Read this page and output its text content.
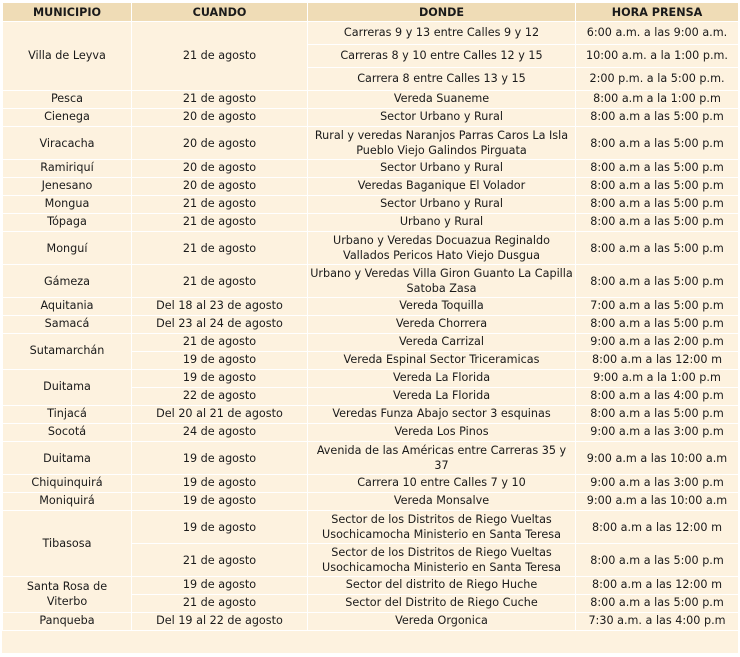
MUNICIPIO	CUANDO	DONDE	HORA PRENSA
Villa de Leyva	21 de agosto	Carreras 9 y 13 entre Calles 9 y 12	6:00 a.m. a las 9:00 a.m.
		Carreras 8 y 10 entre Calles 12 y 15	10:00 a.m. a la 1:00 p.m.
		Carrera 8 entre Calles 13 y 15	2:00 p.m. a la 5:00 p.m.
Pesca	21 de agosto	Vereda Suaneme	8:00 a.m a la 1:00 p.m
Cienega	20 de agosto	Sector Urbano y Rural	8:00 a.m a las 5:00 p.m
Viracacha	20 de agosto	Rural y veredas Naranjos Parras Caros La Isla Pueblo Viejo Galindos Pirguata	8:00 a.m a las 5:00 p.m
Ramiriquí	20 de agosto	Sector Urbano y Rural	8:00 a.m a las 5:00 p.m
Jenesano	20 de agosto	Veredas Baganique El Volador	8:00 a.m a las 5:00 p.m
Mongua	21 de agosto	Sector Urbano y Rural	8:00 a.m a las 5:00 p.m
Tópaga	21 de agosto	Urbano y Rural	8:00 a.m a las 5:00 p.m
Monguí	21 de agosto	Urbano y Veredas Docuazua Reginaldo Vallados Pericos Hato Viejo Dusgua	8:00 a.m a las 5:00 p.m
Gámeza	21 de agosto	Urbano y Veredas Villa Giron Guanto La Capilla Satoba Zasa	8:00 a.m a las 5:00 p.m
Aquitania	Del 18 al 23 de agosto	Vereda Toquilla	7:00 a.m a las 5:00 p.m
Samacá	Del 23 al 24 de agosto	Vereda Chorrera	8:00 a.m a las 5:00 p.m
Sutamarchán	21 de agosto	Vereda Carrizal	9:00 a.m a las 2:00 p.m
	19 de agosto	Vereda Espinal Sector Triceramicas	8:00 a.m a las 12:00 m
Duitama	19 de agosto	Vereda La Florida	9:00 a.m a la 1:00 p.m
	22 de agosto	Vereda La Florida	8:00 a.m a las 4:00 p.m
Tinjacá	Del 20 al 21 de agosto	Veredas Funza Abajo sector 3 esquinas	8:00 a.m a las 5:00 p.m
Socotá	24 de agosto	Vereda Los Pinos	9:00 a.m a las 3:00 p.m
Duitama	19 de agosto	Avenida de las Américas entre Carreras 35 y 37	9:00 a.m a las 10:00 a.m
Chiquinquirá	19 de agosto	Carrera 10 entre Calles 7 y 10	9:00 a.m a las 3:00 p.m
Moniquirá	19 de agosto	Vereda Monsalve	9:00 a.m a las 10:00 a.m
Tibasosa	19 de agosto	Sector de los Distritos de Riego Vueltas Usochicamocha Ministerio en Santa Teresa	8:00 a.m a las 12:00 m
	21 de agosto	Sector de los Distritos de Riego Vueltas Usochicamocha Ministerio en Santa Teresa	8:00 a.m a las 5:00 p.m
Santa Rosa de Viterbo	19 de agosto	Sector del distrito de Riego Huche	8:00 a.m a las 12:00 m
	21 de agosto	Sector del Distrito de Riego Cuche	8:00 a.m a las 5:00 p.m
Panqueba	Del 19 al 22 de agosto	Vereda Orgonica	7:30 a.m. a las 4:00 p.m
